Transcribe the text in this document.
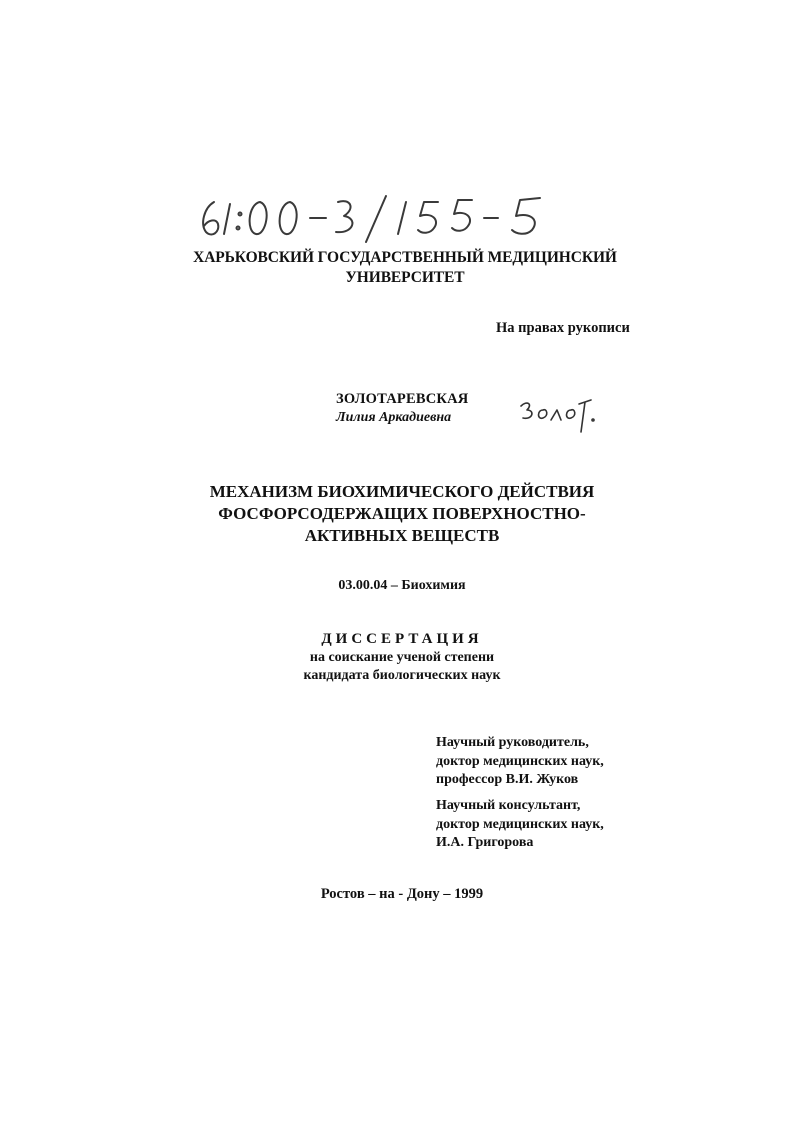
ХАРЬКОВСКИЙ ГОСУДАРСТВЕННЫЙ МЕДИЦИНСКИЙ
УНИВЕРСИТЕТ
На правах рукописи
ЗОЛОТАРЕВСКАЯ
Лилия Аркадиевна
МЕХАНИЗМ БИОХИМИЧЕСКОГО ДЕЙСТВИЯ
ФОСФОРСОДЕРЖАЩИХ ПОВЕРХНОСТНО-
АКТИВНЫХ ВЕЩЕСТВ
03.00.04 – Биохимия
ДИССЕРТАЦИЯ
на соискание ученой степени
кандидата биологических наук
Научный руководитель,
доктор медицинских наук,
профессор В.И. Жуков
Научный консультант,
доктор медицинских наук,
И.А. Григорова
Ростов – на - Дону – 1999
